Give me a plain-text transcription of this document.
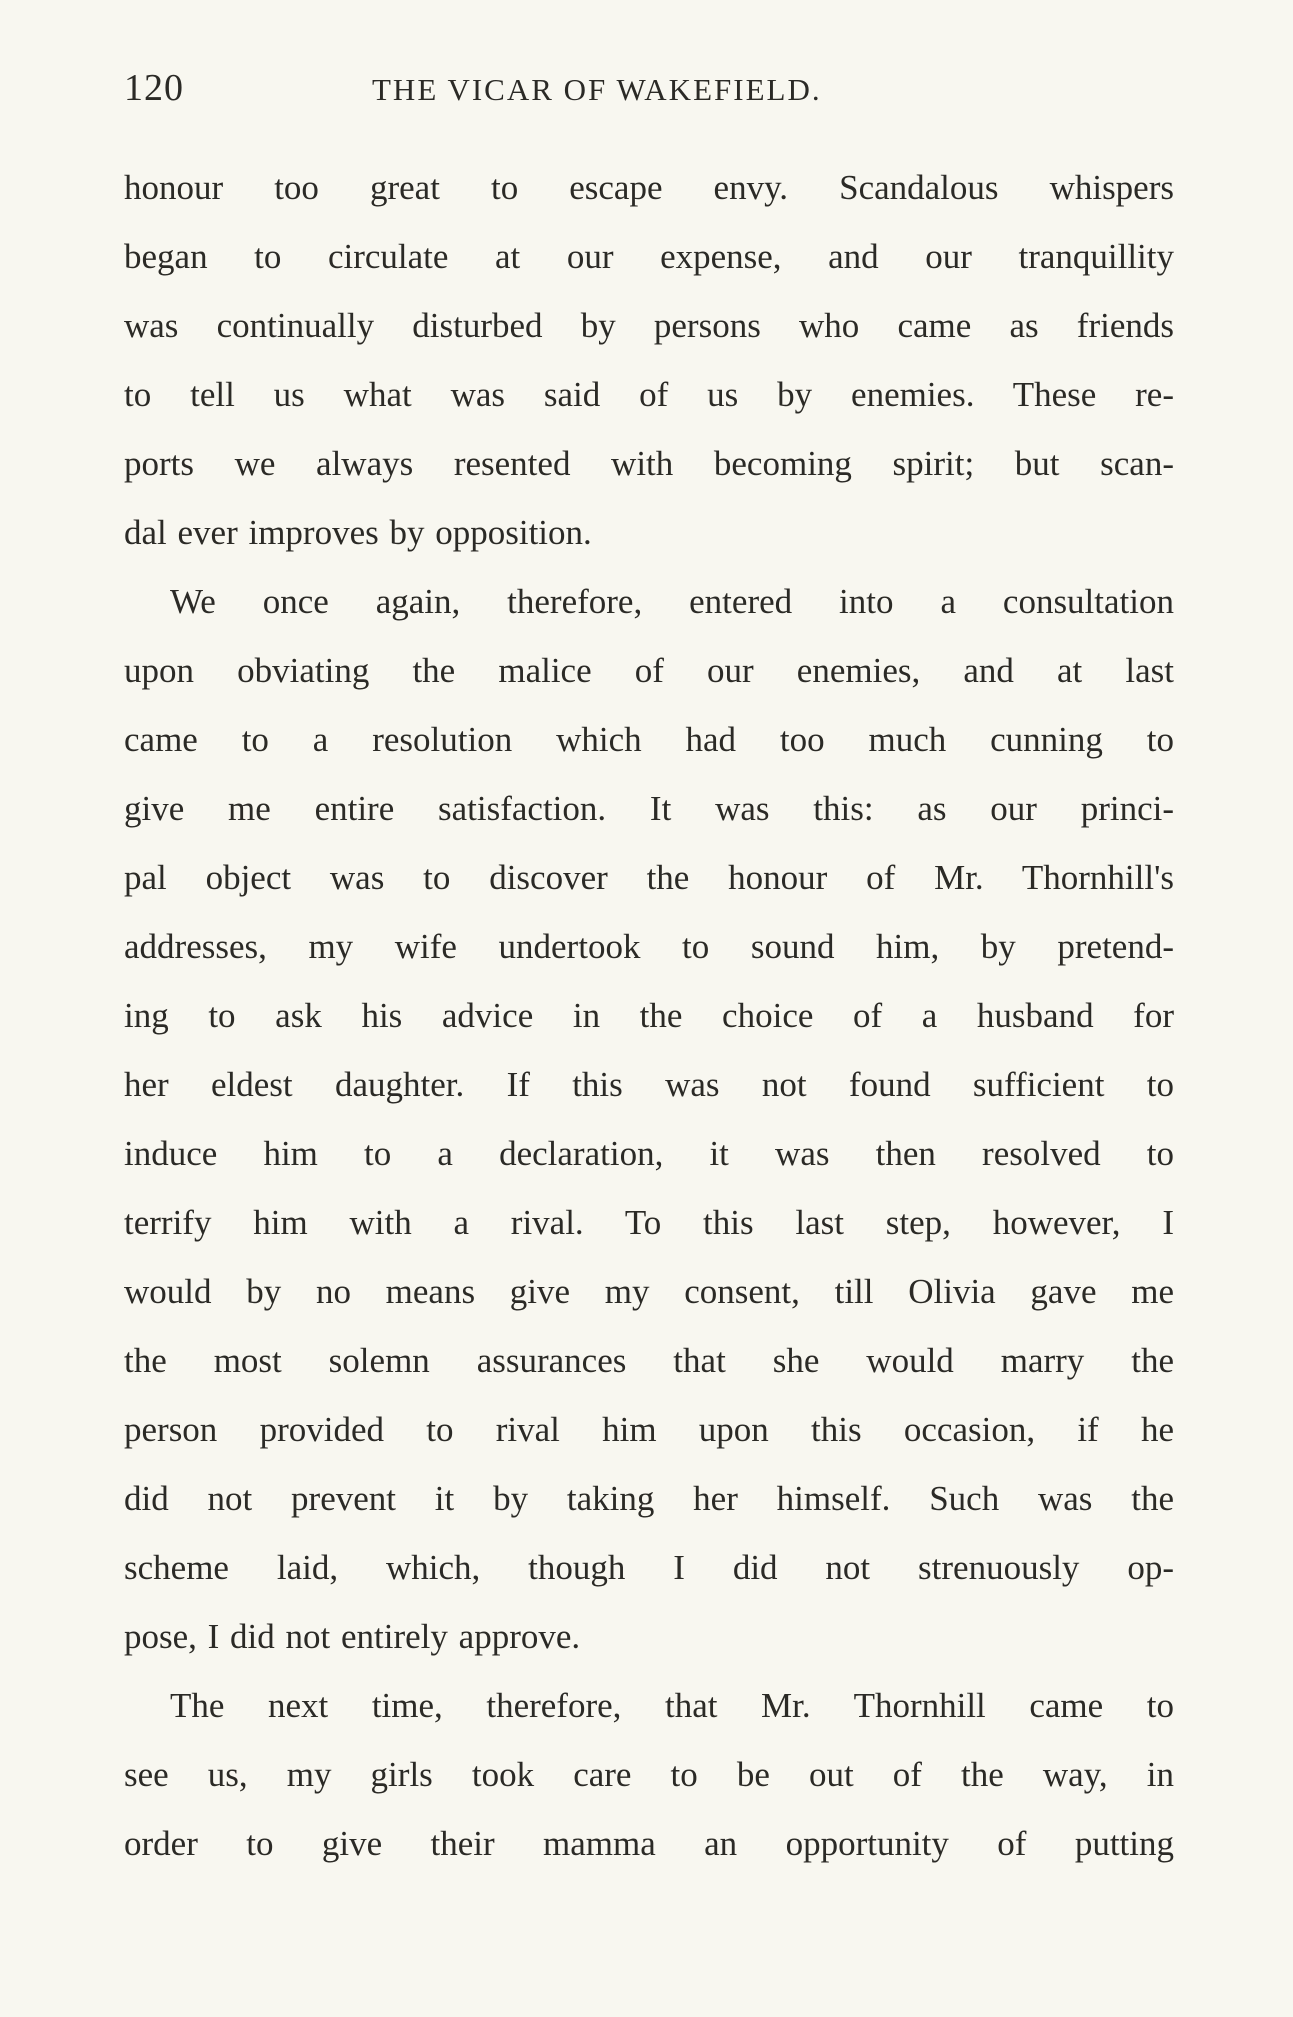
120	THE VICAR OF WAKEFIELD.
honour too great to escape envy. Scandalous whispers
began to circulate at our expense, and our tranquillity
was continually disturbed by persons who came as friends
to tell us what was said of us by enemies. These re-
ports we always resented with becoming spirit; but scan-
dal ever improves by opposition.
We once again, therefore, entered into a consultation
upon obviating the malice of our enemies, and at last
came to a resolution which had too much cunning to
give me entire satisfaction. It was this: as our princi-
pal object was to discover the honour of Mr. Thornhill's
addresses, my wife undertook to sound him, by pretend-
ing to ask his advice in the choice of a husband for
her eldest daughter. If this was not found sufficient to
induce him to a declaration, it was then resolved to
terrify him with a rival. To this last step, however, I
would by no means give my consent, till Olivia gave me
the most solemn assurances that she would marry the
person provided to rival him upon this occasion, if he
did not prevent it by taking her himself. Such was the
scheme laid, which, though I did not strenuously op-
pose, I did not entirely approve.
The next time, therefore, that Mr. Thornhill came to
see us, my girls took care to be out of the way, in
order to give their mamma an opportunity of putting
